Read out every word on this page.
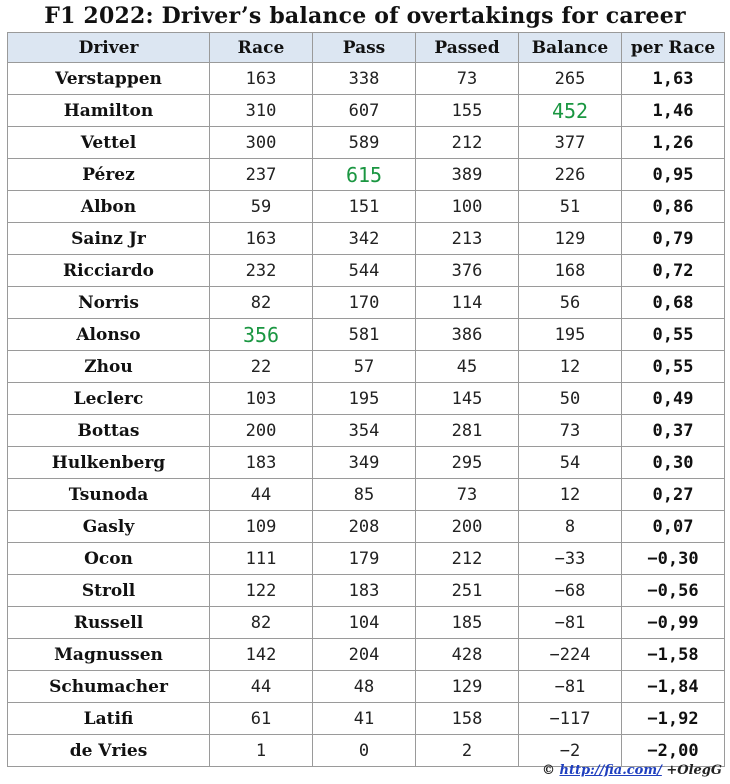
F1 2022: Driver’s balance of overtakings for career
Driver	Race	Pass	Passed	Balance	per Race
Verstappen	163	338	73	265	1,63
Hamilton	310	607	155	452	1,46
Vettel	300	589	212	377	1,26
Pérez	237	615	389	226	0,95
Albon	59	151	100	51	0,86
Sainz Jr	163	342	213	129	0,79
Ricciardo	232	544	376	168	0,72
Norris	82	170	114	56	0,68
Alonso	356	581	386	195	0,55
Zhou	22	57	45	12	0,55
Leclerc	103	195	145	50	0,49
Bottas	200	354	281	73	0,37
Hulkenberg	183	349	295	54	0,30
Tsunoda	44	85	73	12	0,27
Gasly	109	208	200	8	0,07
Ocon	111	179	212	−33	−0,30
Stroll	122	183	251	−68	−0,56
Russell	82	104	185	−81	−0,99
Magnussen	142	204	428	−224	−1,58
Schumacher	44	48	129	−81	−1,84
Latifi	61	41	158	−117	−1,92
de Vries	1	0	2	−2	−2,00
© http://fia.com/ +OlegG
